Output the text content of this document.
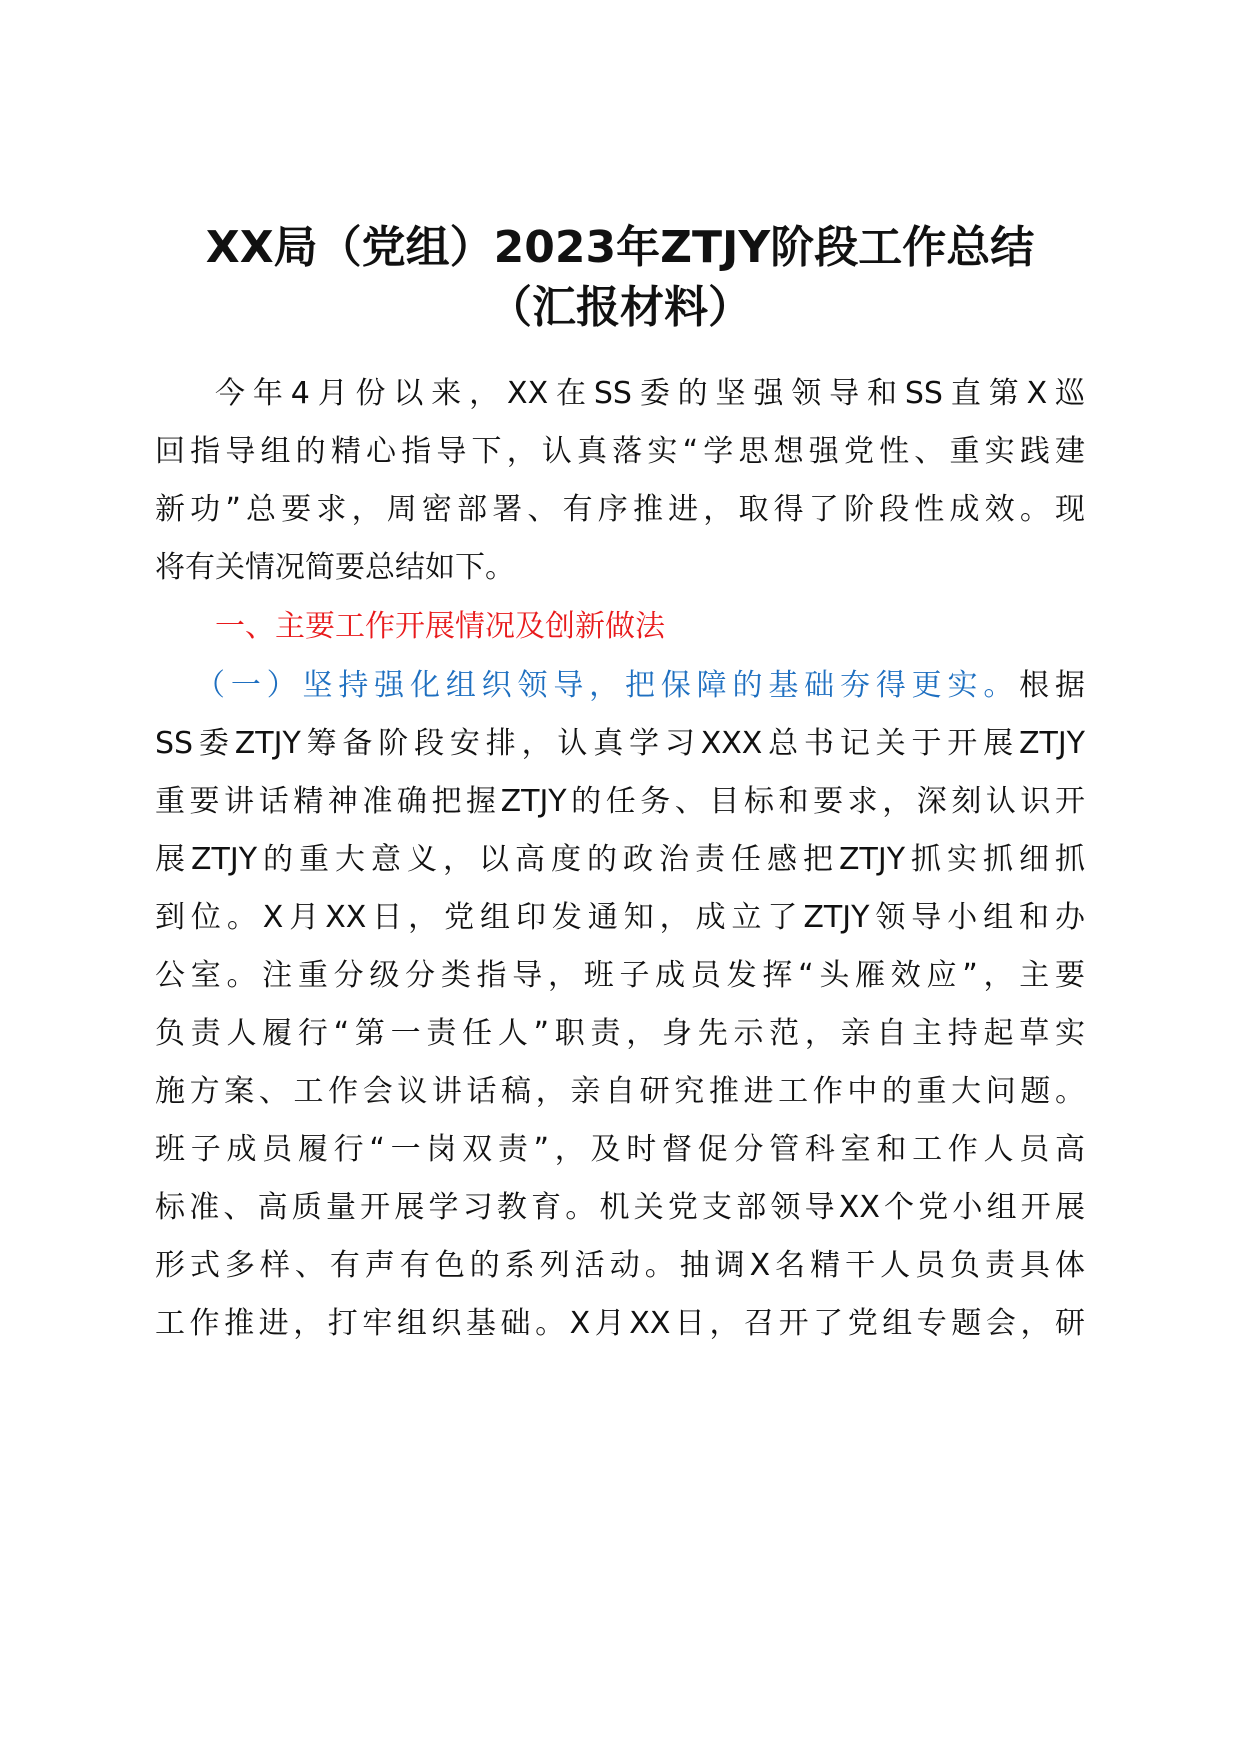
XX局（党组）2023年ZTJY阶段工作总结
（汇报材料）
今年4月份以来，XX在SS委的坚强领导和SS直第X巡
回指导组的精心指导下，认真落实“学思想强党性、重实践建
新功”总要求，周密部署、有序推进，取得了阶段性成效。现
将有关情况简要总结如下。
一、主要工作开展情况及创新做法
（一）坚持强化组织领导，把保障的基础夯得更实。根据
SS委ZTJY筹备阶段安排，认真学习XXX总书记关于开展ZTJY
重要讲话精神准确把握ZTJY的任务、目标和要求，深刻认识开
展ZTJY的重大意义，以高度的政治责任感把ZTJY抓实抓细抓
到位。X月XX日，党组印发通知，成立了ZTJY领导小组和办
公室。注重分级分类指导，班子成员发挥“头雁效应”，主要
负责人履行“第一责任人”职责，身先示范，亲自主持起草实
施方案、工作会议讲话稿，亲自研究推进工作中的重大问题。
班子成员履行“一岗双责”，及时督促分管科室和工作人员高
标准、高质量开展学习教育。机关党支部领导XX个党小组开展
形式多样、有声有色的系列活动。抽调X名精干人员负责具体
工作推进，打牢组织基础。X月XX日，召开了党组专题会，研
